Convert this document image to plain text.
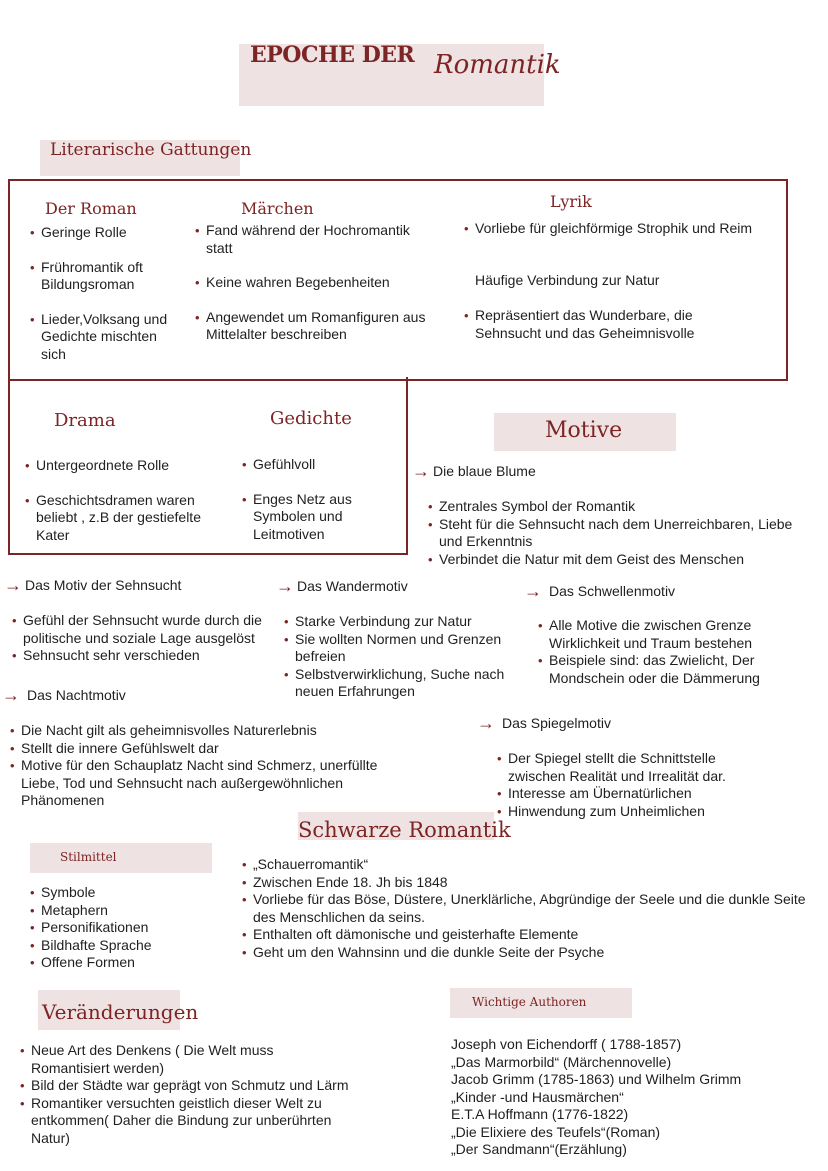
EPOCHE DER Romantik
Literarische Gattungen
Der Roman
• Geringe Rolle
• Frühromantik oft Bildungsroman
• Lieder,Volksang und Gedichte mischten sich
Märchen
• Fand während der Hochromantik statt
• Keine wahren Begebenheiten
• Angewendet um Romanfiguren aus Mittelalter beschreiben
Lyrik
• Vorliebe für gleichförmige Strophik und Reim
Häufige Verbindung zur Natur
• Repräsentiert das Wunderbare, die Sehnsucht und das Geheimnisvolle
Drama
• Untergeordnete Rolle
• Geschichtsdramen waren beliebt , z.B der gestiefelte Kater
Gedichte
• Gefühlvoll
• Enges Netz aus Symbolen und Leitmotiven
Motive
→ Die blaue Blume
• Zentrales Symbol der Romantik
• Steht für die Sehnsucht nach dem Unerreichbaren, Liebe und Erkenntnis
• Verbindet die Natur mit dem Geist des Menschen
→ Das Motiv der Sehnsucht
• Gefühl der Sehnsucht wurde durch die politische und soziale Lage ausgelöst
• Sehnsucht sehr verschieden
→ Das Wandermotiv
• Starke Verbindung zur Natur
• Sie wollten Normen und Grenzen befreien
• Selbstverwirklichung, Suche nach neuen Erfahrungen
→ Das Schwellenmotiv
• Alle Motive die zwischen Grenze Wirklichkeit und Traum bestehen
• Beispiele sind: das Zwielicht, Der Mondschein oder die Dämmerung
→ Das Nachtmotiv
• Die Nacht gilt als geheimnisvolles Naturerlebnis
• Stellt die innere Gefühlswelt dar
• Motive für den Schauplatz Nacht sind Schmerz, unerfüllte Liebe, Tod und Sehnsucht nach außergewöhnlichen Phänomenen
→ Das Spiegelmotiv
• Der Spiegel stellt die Schnittstelle zwischen Realität und Irrealität dar.
• Interesse am Übernatürlichen
• Hinwendung zum Unheimlichen
Schwarze Romantik
• „Schauerromantik“
• Zwischen Ende 18. Jh bis 1848
• Vorliebe für das Böse, Düstere, Unerklärliche, Abgründige der Seele und die dunkle Seite des Menschlichen da seins.
• Enthalten oft dämonische und geisterhafte Elemente
• Geht um den Wahnsinn und die dunkle Seite der Psyche
Stilmittel
• Symbole
• Metaphern
• Personifikationen
• Bildhafte Sprache
• Offene Formen
Veränderungen
• Neue Art des Denkens ( Die Welt muss Romantisiert werden)
• Bild der Städte war geprägt von Schmutz und Lärm
• Romantiker versuchten geistlich dieser Welt zu entkommen( Daher die Bindung zur unberührten Natur)
Wichtige Authoren
Joseph von Eichendorff ( 1788-1857)
„Das Marmorbild“ (Märchennovelle)
Jacob Grimm (1785-1863) und Wilhelm Grimm
„Kinder -und Hausmärchen“
E.T.A Hoffmann (1776-1822)
„Die Elixiere des Teufels“(Roman)
„Der Sandmann“(Erzählung)
